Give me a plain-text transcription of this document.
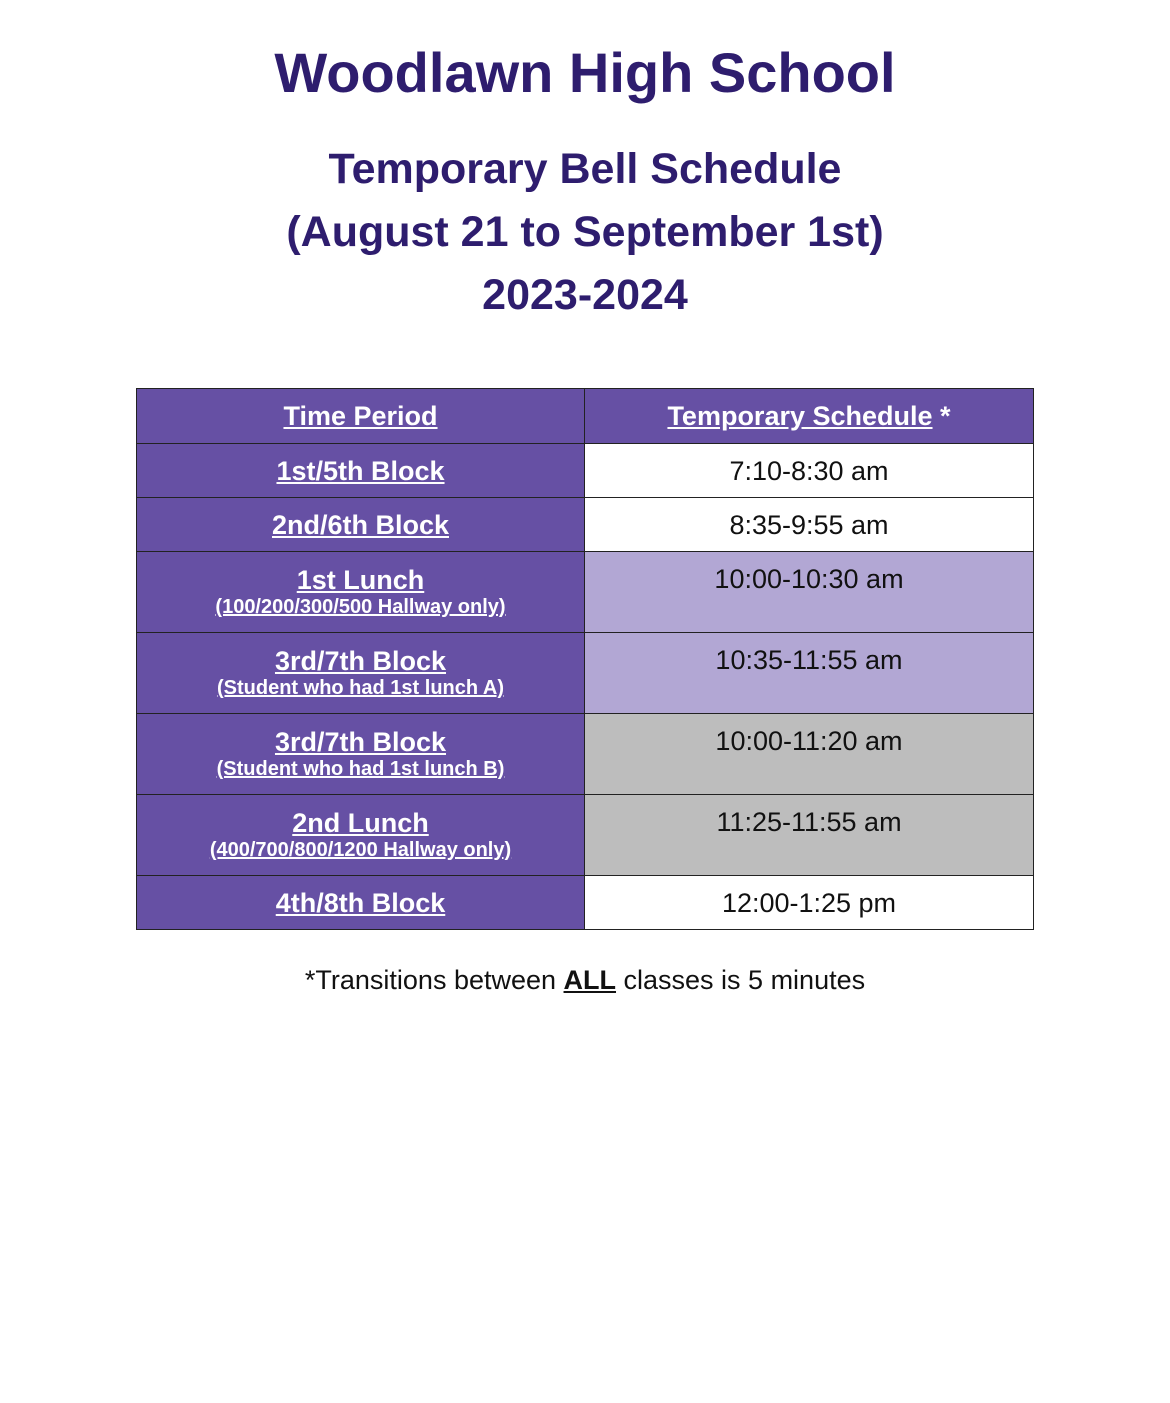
Woodlawn High School
Temporary Bell Schedule
(August 21 to September 1st)
2023-2024
Time Period	Temporary Schedule *

1st/5th Block	7:10-8:30 am

2nd/6th Block	8:35-9:55 am

1st Lunch
(100/200/300/500 Hallway only)	10:00-10:30 am

3rd/7th Block
(Student who had 1st lunch A)	10:35-11:55 am

3rd/7th Block
(Student who had 1st lunch B)	10:00-11:20 am

2nd Lunch
(400/700/800/1200 Hallway only)	11:25-11:55 am

4th/8th Block	12:00-1:25 pm
*Transitions between ALL classes is 5 minutes
